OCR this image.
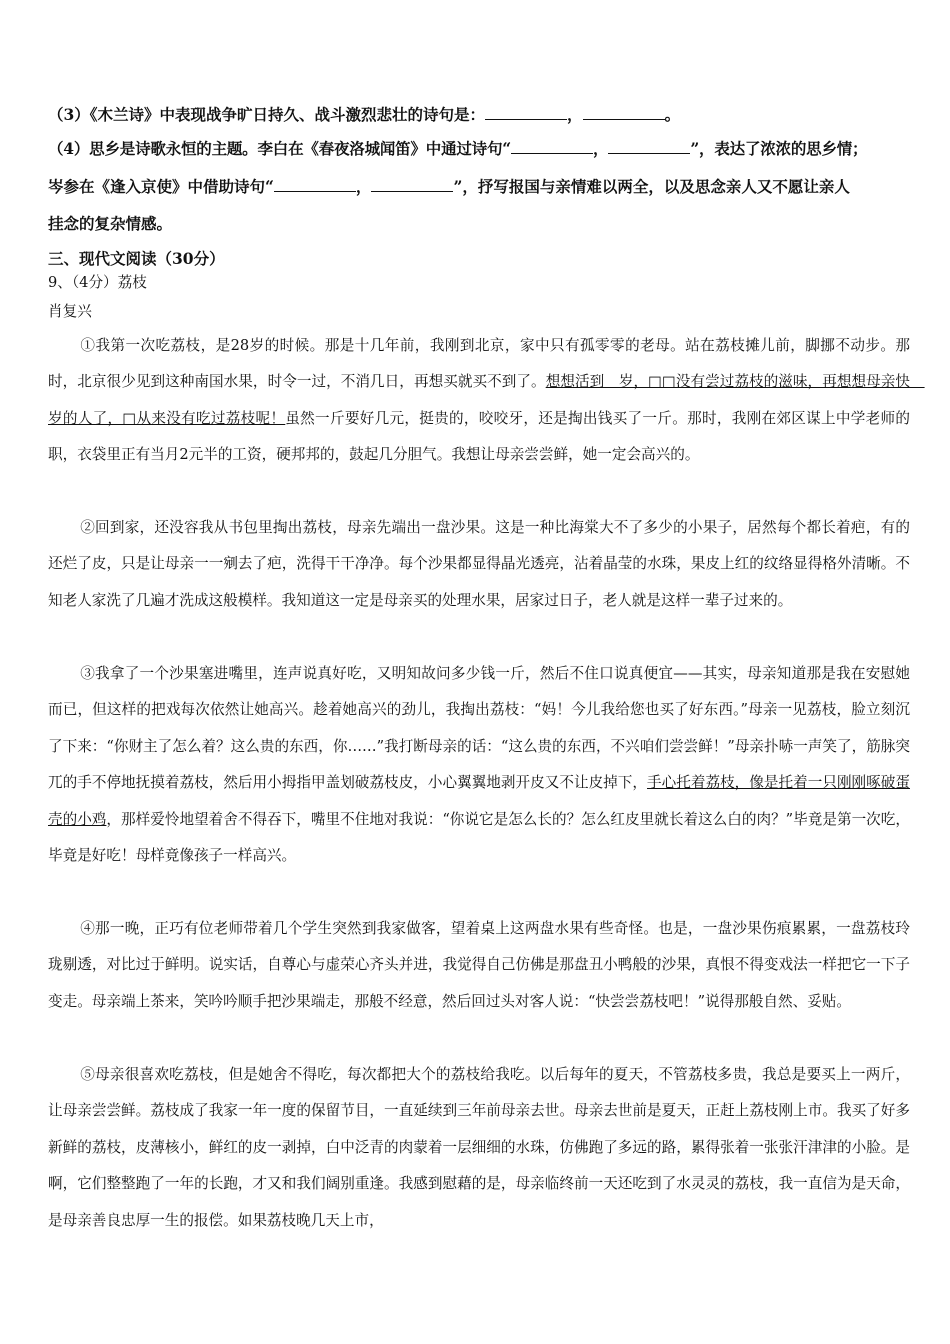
（3）《木兰诗》中表现战争旷日持久、战斗激烈悲壮的诗句是：	，	。
（4）思乡是诗歌永恒的主题。李白在《春夜洛城闻笛》中通过诗句“	，	”，表达了浓浓的思乡情；
岑参在《逢入京使》中借助诗句“	，	”，抒写报国与亲情难以两全，以及思念亲人又不愿让亲人
挂念的复杂情感。
三、现代文阅读（30分）
9、（4分）荔枝
肖复兴
①我第一次吃荔枝，是28岁的时候。那是十几年前，我刚到北京，家中只有孤零零的老母。站在荔枝摊儿前，脚挪不动步。那时，北京很少见到这种南国水果，时令一过，不消几日，再想买就买不到了。想想活到　岁，□□没有尝过荔枝的滋味，再想想母亲快　岁的人了，□从来没有吃过荔枝呢！虽然一斤要好几元，挺贵的，咬咬牙，还是掏出钱买了一斤。那时，我刚在郊区谋上中学老师的职，衣袋里正有当月2元半的工资，硬邦邦的，鼓起几分胆气。我想让母亲尝尝鲜，她一定会高兴的。
②回到家，还没容我从书包里掏出荔枝，母亲先端出一盘沙果。这是一种比海棠大不了多少的小果子，居然每个都长着疤，有的还烂了皮，只是让母亲一一剜去了疤，洗得干干净净。每个沙果都显得晶光透亮，沾着晶莹的水珠，果皮上红的纹络显得格外清晰。不知老人家洗了几遍才洗成这般模样。我知道这一定是母亲买的处理水果，居家过日子，老人就是这样一辈子过来的。
③我拿了一个沙果塞进嘴里，连声说真好吃，又明知故问多少钱一斤，然后不住口说真便宜——其实，母亲知道那是我在安慰她而已，但这样的把戏每次依然让她高兴。趁着她高兴的劲儿，我掏出荔枝：“妈！今儿我给您也买了好东西。”母亲一见荔枝，脸立刻沉了下来：“你财主了怎么着？这么贵的东西，你……”我打断母亲的话：“这么贵的东西，不兴咱们尝尝鲜！”母亲扑哧一声笑了，筋脉突兀的手不停地抚摸着荔枝，然后用小拇指甲盖划破荔枝皮，小心翼翼地剥开皮又不让皮掉下，手心托着荔枝，像是托着一只刚刚啄破蛋壳的小鸡，那样爱怜地望着舍不得吞下，嘴里不住地对我说：“你说它是怎么长的？怎么红皮里就长着这么白的肉？”毕竟是第一次吃，毕竟是好吃！母样竟像孩子一样高兴。
④那一晚，正巧有位老师带着几个学生突然到我家做客，望着桌上这两盘水果有些奇怪。也是，一盘沙果伤痕累累，一盘荔枝玲珑剔透，对比过于鲜明。说实话，自尊心与虚荣心齐头并进，我觉得自己仿佛是那盘丑小鸭般的沙果，真恨不得变戏法一样把它一下子变走。母亲端上茶来，笑吟吟顺手把沙果端走，那般不经意，然后回过头对客人说：“快尝尝荔枝吧！”说得那般自然、妥贴。
⑤母亲很喜欢吃荔枝，但是她舍不得吃，每次都把大个的荔枝给我吃。以后每年的夏天，不管荔枝多贵，我总是要买上一两斤，让母亲尝尝鲜。荔枝成了我家一年一度的保留节目，一直延续到三年前母亲去世。母亲去世前是夏天，正赶上荔枝刚上市。我买了好多新鲜的荔枝，皮薄核小，鲜红的皮一剥掉，白中泛青的肉蒙着一层细细的水珠，仿佛跑了多远的路，累得张着一张张汗津津的小脸。是啊，它们整整跑了一年的长跑，才又和我们阔别重逢。我感到慰藉的是，母亲临终前一天还吃到了水灵灵的荔枝，我一直信为是天命，是母亲善良忠厚一生的报偿。如果荔枝晚几天上市，
